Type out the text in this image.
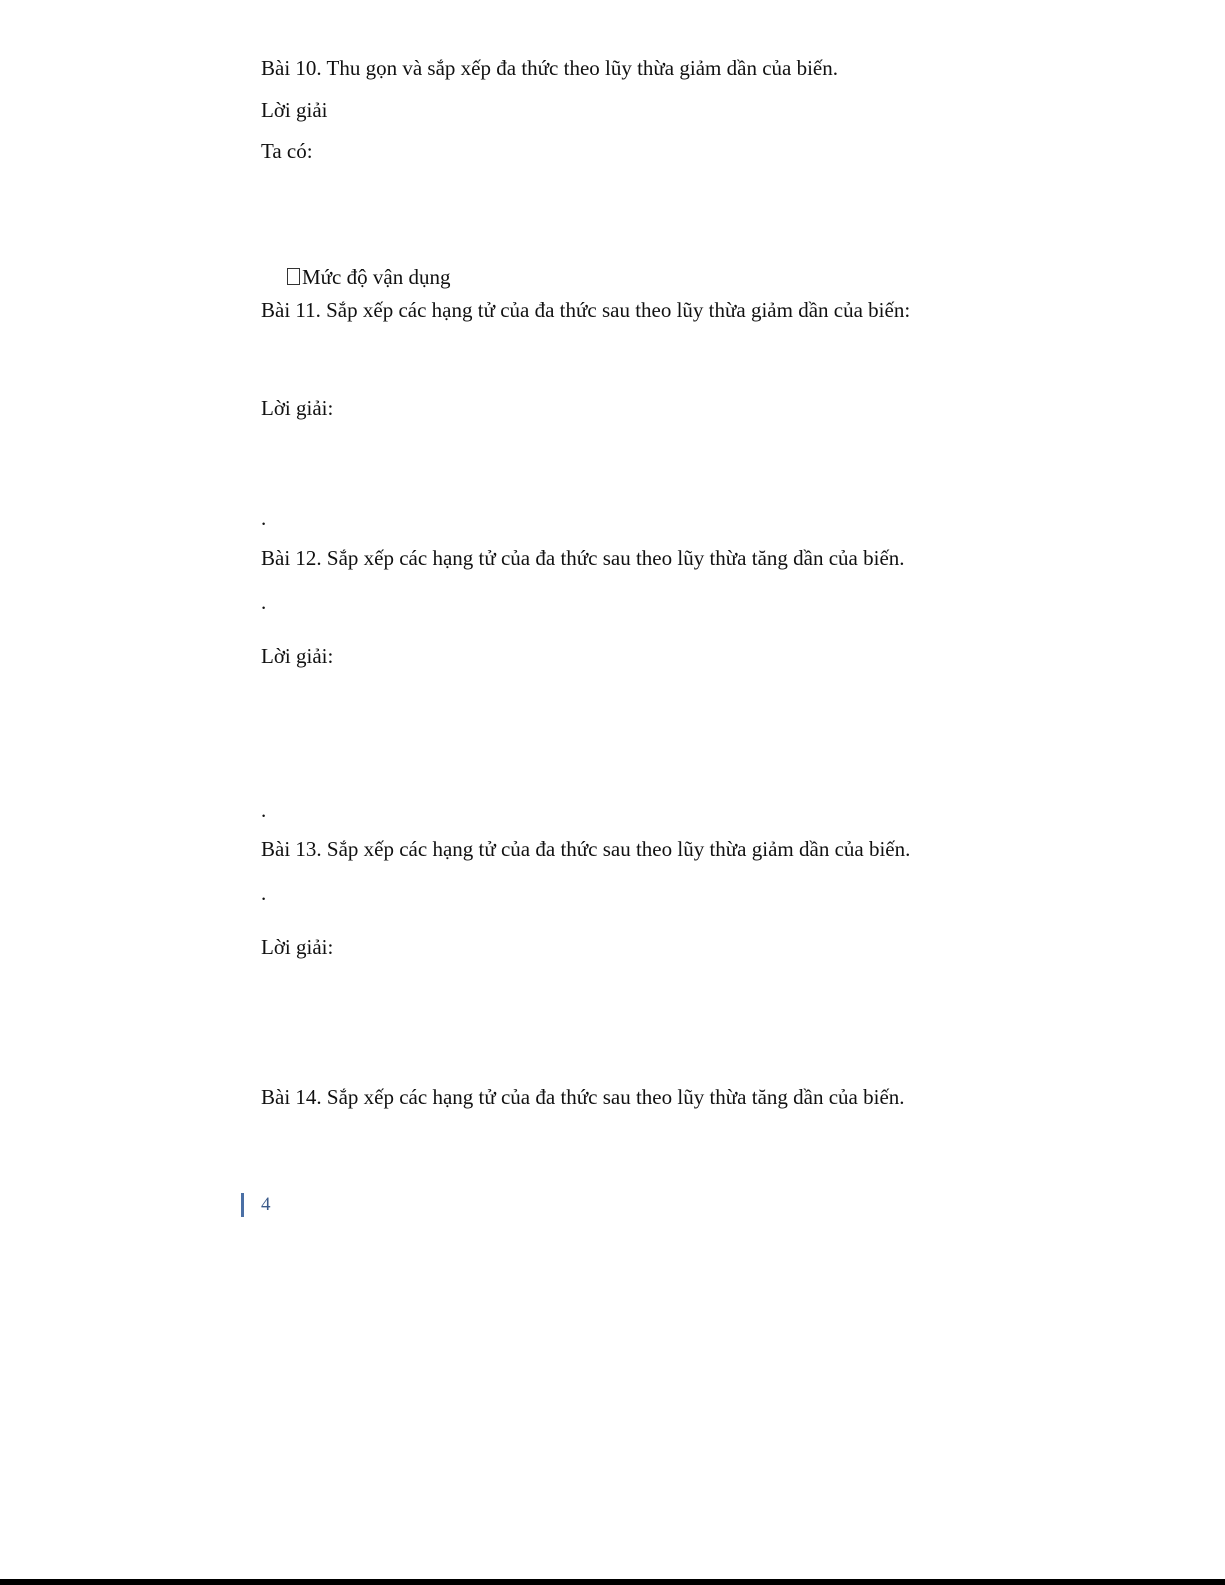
Bài 10. Thu gọn và sắp xếp đa thức theo lũy thừa giảm dần của biến.
Lời giải
Ta có:
Mức độ vận dụng
Bài 11. Sắp xếp các hạng tử của đa thức sau theo lũy thừa giảm dần của biến:
Lời giải:
.
Bài 12. Sắp xếp các hạng tử của đa thức sau theo lũy thừa tăng dần của biến.
.
Lời giải:
.
Bài 13. Sắp xếp các hạng tử của đa thức sau theo lũy thừa giảm dần của biến.
.
Lời giải:
Bài 14. Sắp xếp các hạng tử của đa thức sau theo lũy thừa tăng dần của biến.
4
